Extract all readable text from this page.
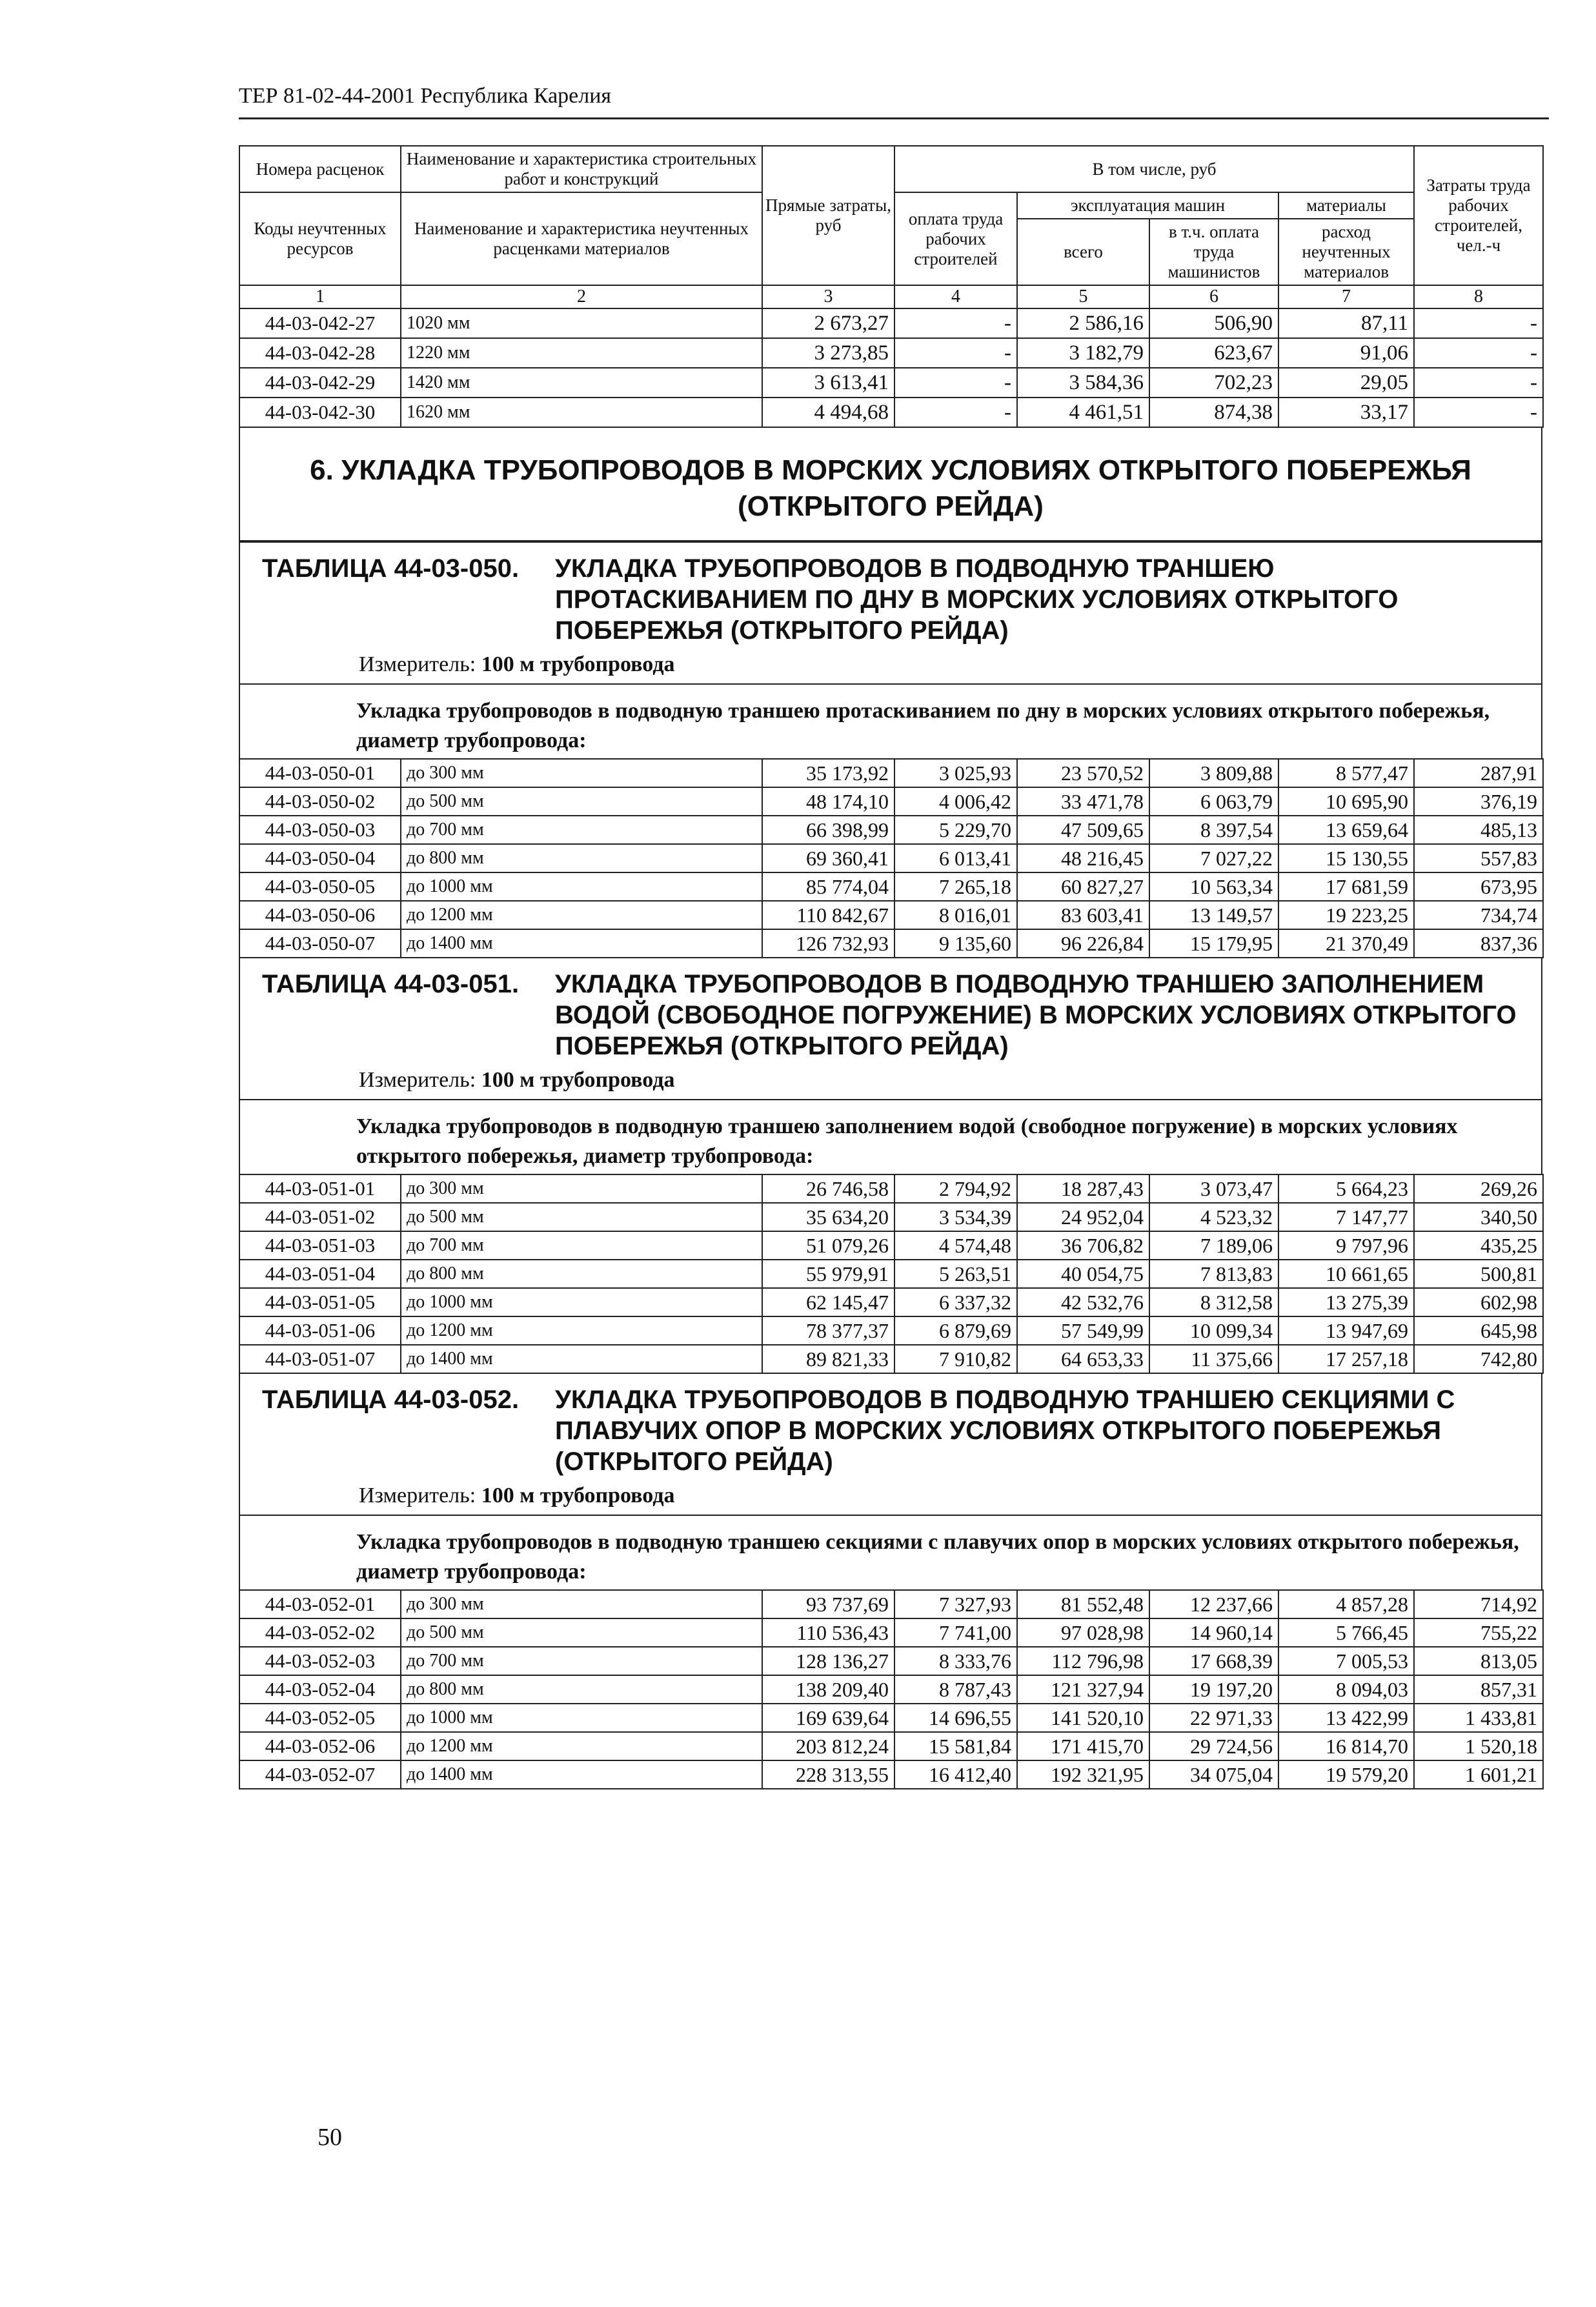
ТЕР 81-02-44-2001 Республика Карелия
Номера расценок	Наименование и характеристика строительных работ и конструкций	Прямые затраты, руб	В том числе, руб				Затраты труда рабочих строителей, чел.-ч
Коды неучтенных ресурсов	Наименование и характеристика неучтенных расценками материалов		оплата труда рабочих строителей	эксплуатация машин		материалы	
				всего	в т.ч. оплата труда машинистов	расход неучтенных материалов	
1	2	3	4	5	6	7	8
44-03-042-27	1020 мм	2 673,27	-	2 586,16	506,90	87,11	-
44-03-042-28	1220 мм	3 273,85	-	3 182,79	623,67	91,06	-
44-03-042-29	1420 мм	3 613,41	-	3 584,36	702,23	29,05	-
44-03-042-30	1620 мм	4 494,68	-	4 461,51	874,38	33,17	-
6. УКЛАДКА ТРУБОПРОВОДОВ В МОРСКИХ УСЛОВИЯХ ОТКРЫТОГО ПОБЕРЕЖЬЯ (ОТКРЫТОГО РЕЙДА)
ТАБЛИЦА 44-03-050.	УКЛАДКА ТРУБОПРОВОДОВ В ПОДВОДНУЮ ТРАНШЕЮ ПРОТАСКИВАНИЕМ ПО ДНУ В МОРСКИХ УСЛОВИЯХ ОТКРЫТОГО ПОБЕРЕЖЬЯ (ОТКРЫТОГО РЕЙДА)
Измеритель: 100 м трубопровода
Укладка трубопроводов в подводную траншею протаскиванием по дну в морских условиях открытого побережья, диаметр трубопровода:
44-03-050-01	до 300 мм	35 173,92	3 025,93	23 570,52	3 809,88	8 577,47	287,91
44-03-050-02	до 500 мм	48 174,10	4 006,42	33 471,78	6 063,79	10 695,90	376,19
44-03-050-03	до 700 мм	66 398,99	5 229,70	47 509,65	8 397,54	13 659,64	485,13
44-03-050-04	до 800 мм	69 360,41	6 013,41	48 216,45	7 027,22	15 130,55	557,83
44-03-050-05	до 1000 мм	85 774,04	7 265,18	60 827,27	10 563,34	17 681,59	673,95
44-03-050-06	до 1200 мм	110 842,67	8 016,01	83 603,41	13 149,57	19 223,25	734,74
44-03-050-07	до 1400 мм	126 732,93	9 135,60	96 226,84	15 179,95	21 370,49	837,36
ТАБЛИЦА 44-03-051.	УКЛАДКА ТРУБОПРОВОДОВ В ПОДВОДНУЮ ТРАНШЕЮ ЗАПОЛНЕНИЕМ ВОДОЙ (СВОБОДНОЕ ПОГРУЖЕНИЕ) В МОРСКИХ УСЛОВИЯХ ОТКРЫТОГО ПОБЕРЕЖЬЯ (ОТКРЫТОГО РЕЙДА)
Измеритель: 100 м трубопровода
Укладка трубопроводов в подводную траншею заполнением водой (свободное погружение) в морских условиях открытого побережья, диаметр трубопровода:
44-03-051-01	до 300 мм	26 746,58	2 794,92	18 287,43	3 073,47	5 664,23	269,26
44-03-051-02	до 500 мм	35 634,20	3 534,39	24 952,04	4 523,32	7 147,77	340,50
44-03-051-03	до 700 мм	51 079,26	4 574,48	36 706,82	7 189,06	9 797,96	435,25
44-03-051-04	до 800 мм	55 979,91	5 263,51	40 054,75	7 813,83	10 661,65	500,81
44-03-051-05	до 1000 мм	62 145,47	6 337,32	42 532,76	8 312,58	13 275,39	602,98
44-03-051-06	до 1200 мм	78 377,37	6 879,69	57 549,99	10 099,34	13 947,69	645,98
44-03-051-07	до 1400 мм	89 821,33	7 910,82	64 653,33	11 375,66	17 257,18	742,80
ТАБЛИЦА 44-03-052.	УКЛАДКА ТРУБОПРОВОДОВ В ПОДВОДНУЮ ТРАНШЕЮ СЕКЦИЯМИ С ПЛАВУЧИХ ОПОР В МОРСКИХ УСЛОВИЯХ ОТКРЫТОГО ПОБЕРЕЖЬЯ (ОТКРЫТОГО РЕЙДА)
Измеритель: 100 м трубопровода
Укладка трубопроводов в подводную траншею секциями с плавучих опор в морских условиях открытого побережья, диаметр трубопровода:
44-03-052-01	до 300 мм	93 737,69	7 327,93	81 552,48	12 237,66	4 857,28	714,92
44-03-052-02	до 500 мм	110 536,43	7 741,00	97 028,98	14 960,14	5 766,45	755,22
44-03-052-03	до 700 мм	128 136,27	8 333,76	112 796,98	17 668,39	7 005,53	813,05
44-03-052-04	до 800 мм	138 209,40	8 787,43	121 327,94	19 197,20	8 094,03	857,31
44-03-052-05	до 1000 мм	169 639,64	14 696,55	141 520,10	22 971,33	13 422,99	1 433,81
44-03-052-06	до 1200 мм	203 812,24	15 581,84	171 415,70	29 724,56	16 814,70	1 520,18
44-03-052-07	до 1400 мм	228 313,55	16 412,40	192 321,95	34 075,04	19 579,20	1 601,21
50
